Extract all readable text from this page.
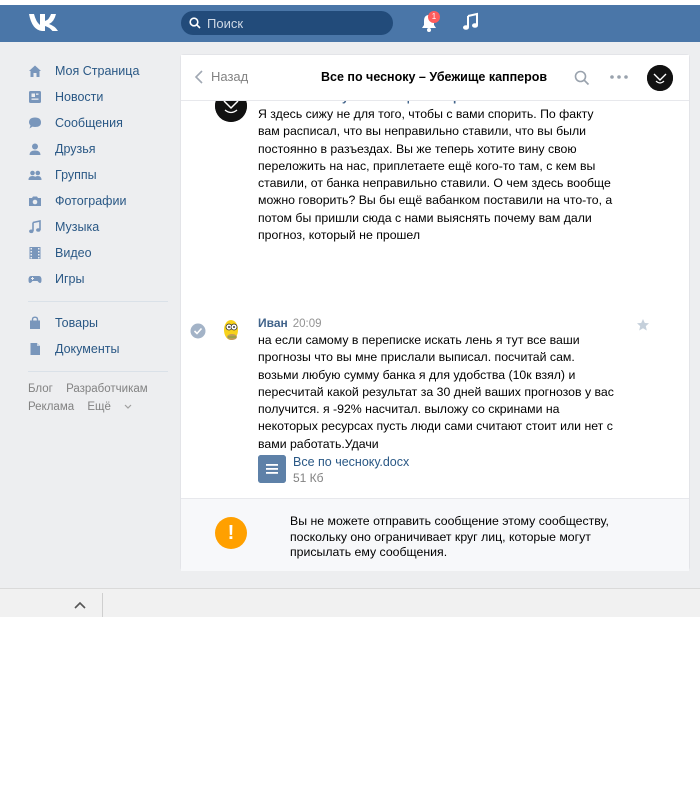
Поиск
1
Моя Страница
Новости
Сообщения
Друзья
Группы
Фотографии
Музыка
Видео
Игры
Товары
Документы
Блог Разработчикам
Реклама Ещё
Назад	Все по чесноку – Убежище капперов
Я здесь сижу не для того, чтобы с вами спорить. По факту вам расписал, что вы неправильно ставили, что вы были постоянно в разъездах. Вы же теперь хотите вину свою переложить на нас, приплетаете ещё кого-то там, с кем вы ставили, от банка неправильно ставили. О чем здесь вообще можно говорить? Вы бы ещё вабанком поставили на что-то, а потом бы пришли сюда с нами выяснять почему вам дали прогноз, который не прошел
Иван 20:09
на если самому в переписке искать лень я тут все ваши прогнозы что вы мне прислали выписал. посчитай сам. возьми любую сумму банка я для удобства (10к взял) и пересчитай какой результат за 30 дней ваших прогнозов у вас получится. я -92% насчитал. выложу со скринами на некоторых ресурсах пусть люди сами считают стоит или нет с вами работать.Удачи
Все по чесноку.docx
51 Кб
!
Вы не можете отправить сообщение этому сообществу, поскольку оно ограничивает круг лиц, которые могут присылать ему сообщения.
